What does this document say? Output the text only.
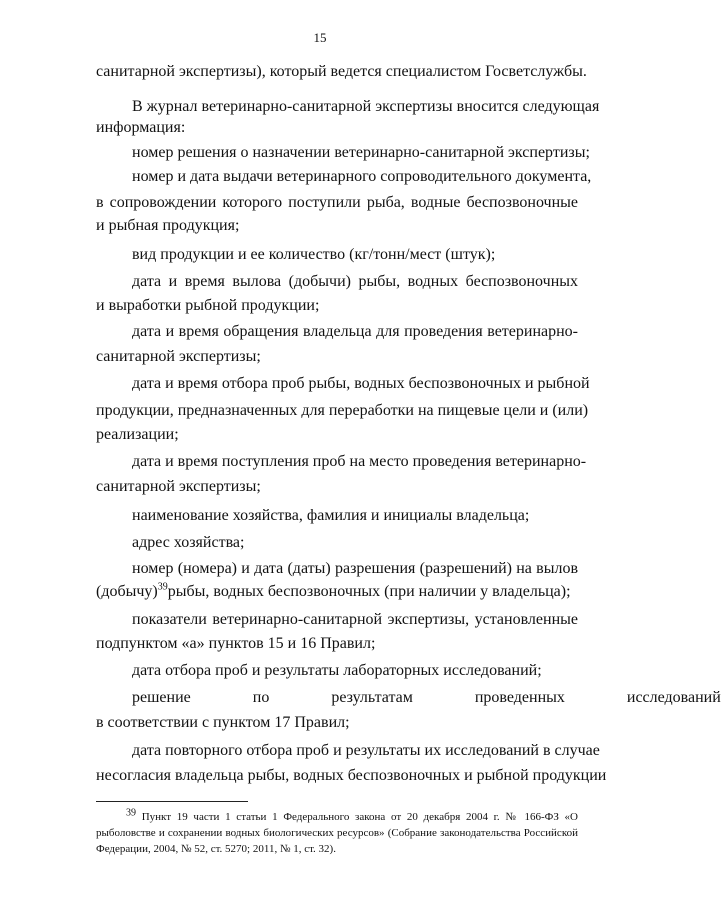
15
санитарной экспертизы), который ведется специалистом Госветслужбы.
В журнал ветеринарно-санитарной экспертизы вносится следующая
информация:
номер решения о назначении ветеринарно-санитарной экспертизы;
номер и дата выдачи ветеринарного сопроводительного документа,
в сопровождении которого поступили рыба, водные беспозвоночные
и рыбная продукция;
вид продукции и ее количество (кг/тонн/мест (штук);
дата и время вылова (добычи) рыбы, водных беспозвоночных
и выработки рыбной продукции;
дата и время обращения владельца для проведения ветеринарно-
санитарной экспертизы;
дата и время отбора проб рыбы, водных беспозвоночных и рыбной
продукции, предназначенных для переработки на пищевые цели и (или)
реализации;
дата и время поступления проб на место проведения ветеринарно-
санитарной экспертизы;
наименование хозяйства, фамилия и инициалы владельца;
адрес хозяйства;
номер (номера) и дата (даты) разрешения (разрешений) на вылов
(добычу)$^{39}$рыбы, водных беспозвоночных (при наличии у владельца);
показатели ветеринарно-санитарной экспертизы, установленные
подпунктом «а» пунктов 15 и 16 Правил;
дата отбора проб и результаты лабораторных исследований;
решение по результатам проведенных исследований
в соответствии с пунктом 17 Правил;
дата повторного отбора проб и результаты их исследований в случае
несогласия владельца рыбы, водных беспозвоночных и рыбной продукции
$^{39}$ Пункт 19 части 1 статьи 1 Федерального закона от 20 декабря 2004 г. № 166-ФЗ «О
рыболовстве и сохранении водных биологических ресурсов» (Собрание законодательства Российской
Федерации, 2004, № 52, ст. 5270; 2011, № 1, ст. 32).
